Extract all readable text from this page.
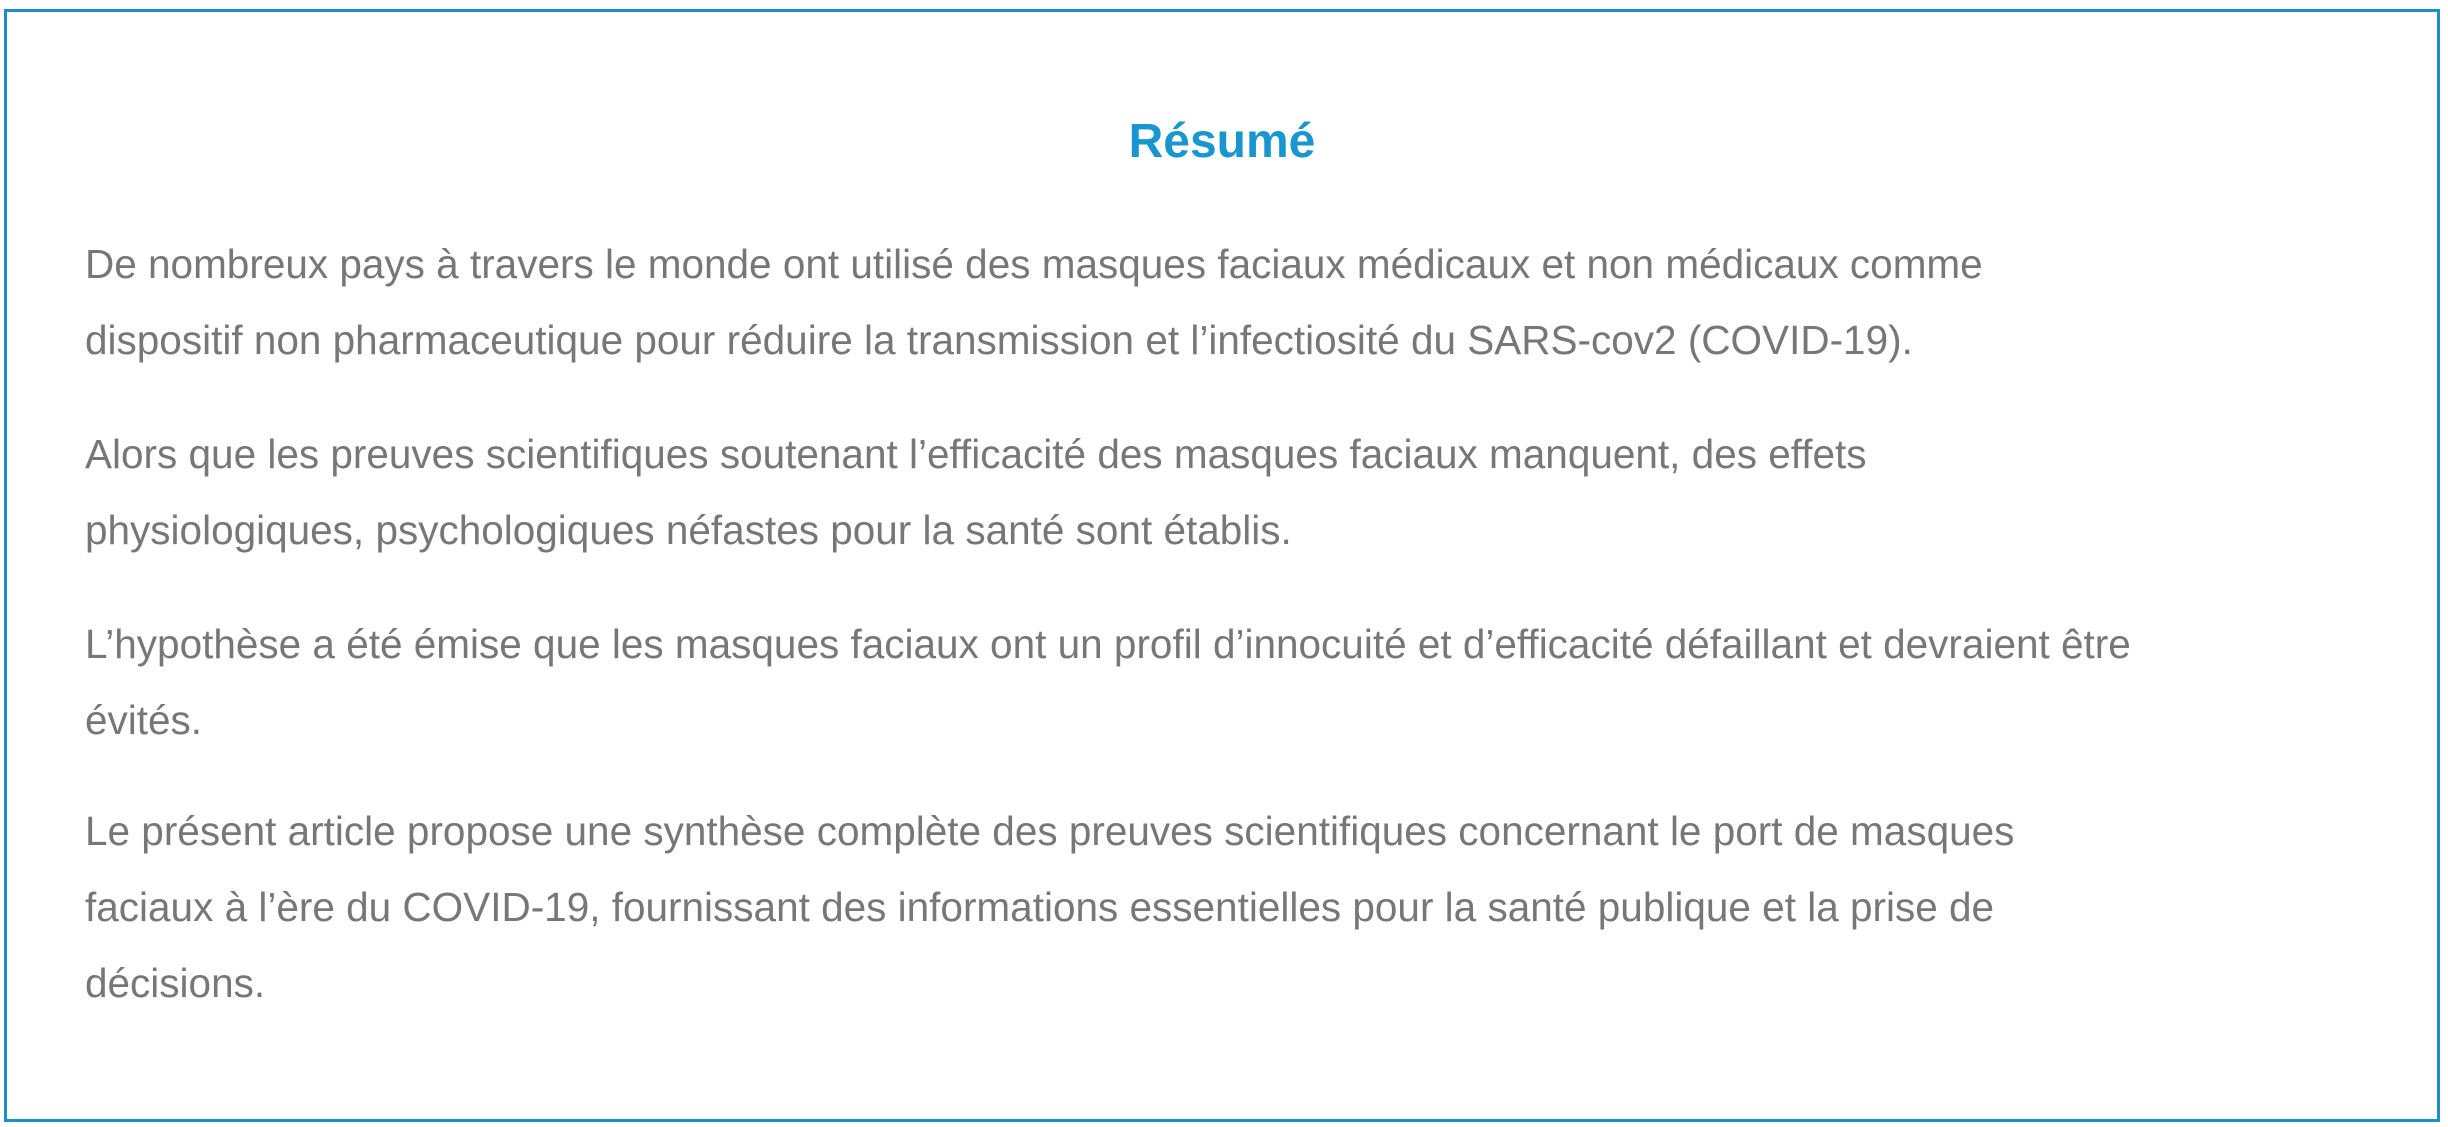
Résumé

De nombreux pays à travers le monde ont utilisé des masques faciaux médicaux et non médicaux comme
dispositif non pharmaceutique pour réduire la transmission et l’infectiosité du SARS-cov2 (COVID-19).

Alors que les preuves scientifiques soutenant l’efficacité des masques faciaux manquent, des effets
physiologiques, psychologiques néfastes pour la santé sont établis.

L’hypothèse a été émise que les masques faciaux ont un profil d’innocuité et d’efficacité défaillant et devraient être
évités.

Le présent article propose une synthèse complète des preuves scientifiques concernant le port de masques
faciaux à l’ère du COVID-19, fournissant des informations essentielles pour la santé publique et la prise de
décisions.
